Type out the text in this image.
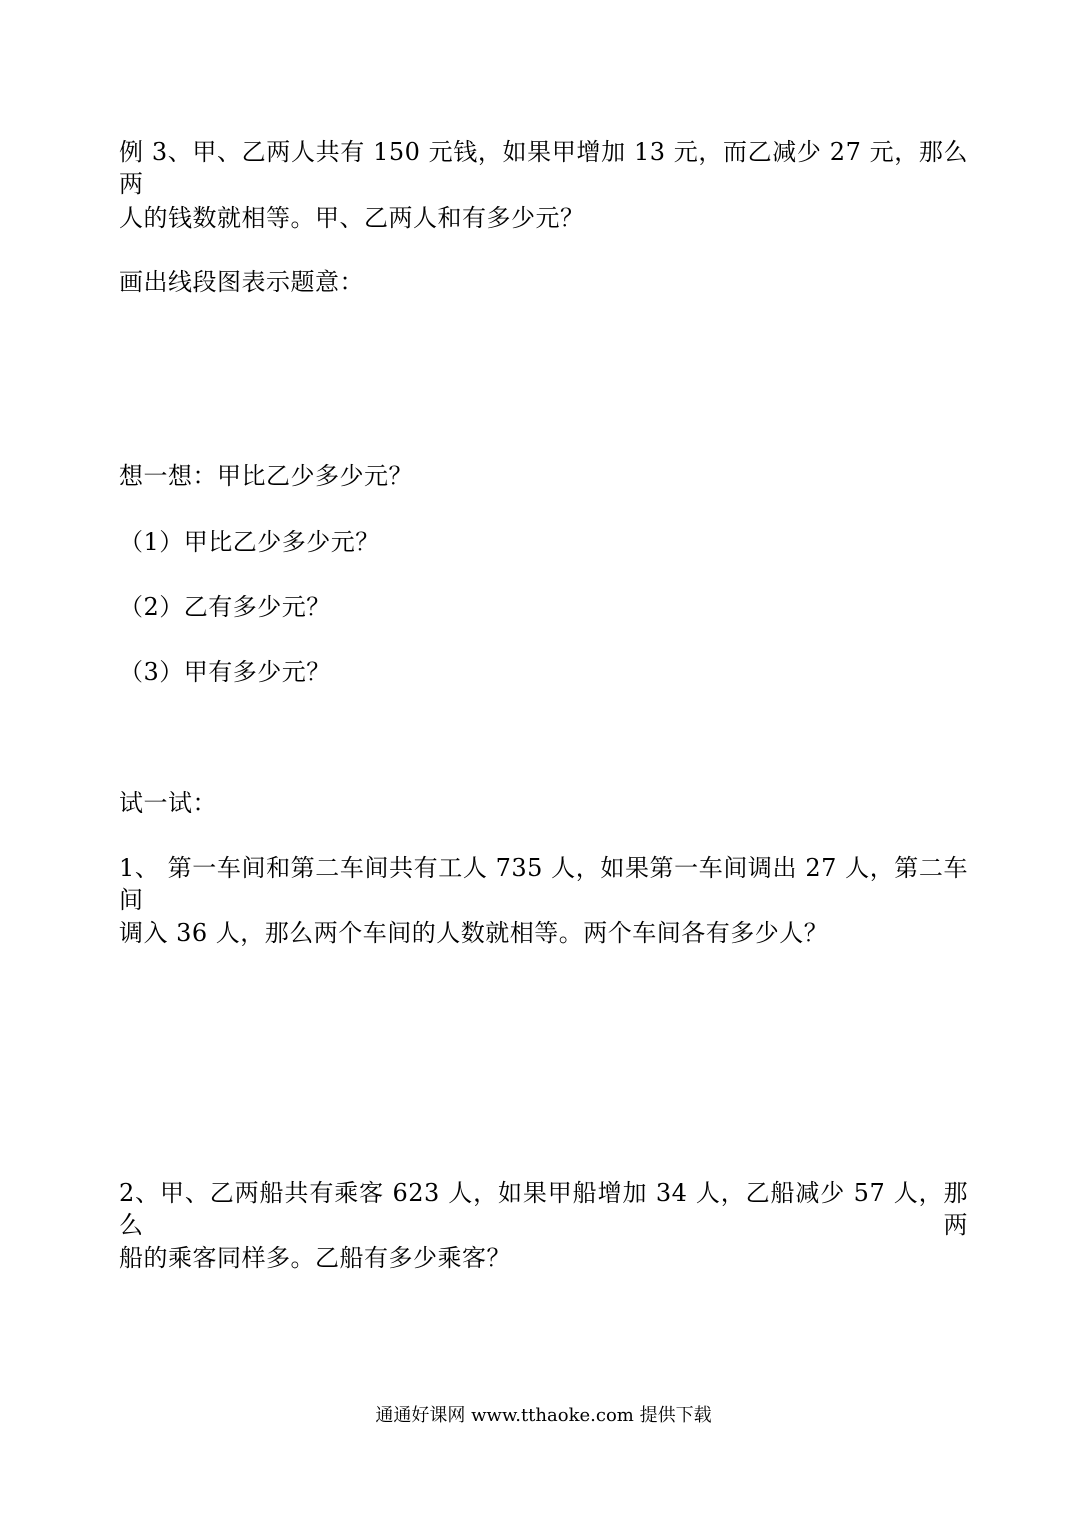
例 3、甲、乙两人共有 150 元钱，如果甲增加 13 元，而乙减少 27 元，那么两
人的钱数就相等。甲、乙两人和有多少元？
画出线段图表示题意：
想一想：甲比乙少多少元？
（1）甲比乙少多少元？
（2）乙有多少元？
（3）甲有多少元？
试一试：
1、 第一车间和第二车间共有工人 735 人，如果第一车间调出 27 人，第二车间
调入 36 人，那么两个车间的人数就相等。两个车间各有多少人？
2、甲、乙两船共有乘客 623 人，如果甲船增加 34 人，乙船减少 57 人，那么两
船的乘客同样多。乙船有多少乘客？
通通好课网 www.tthaoke.com 提供下载
